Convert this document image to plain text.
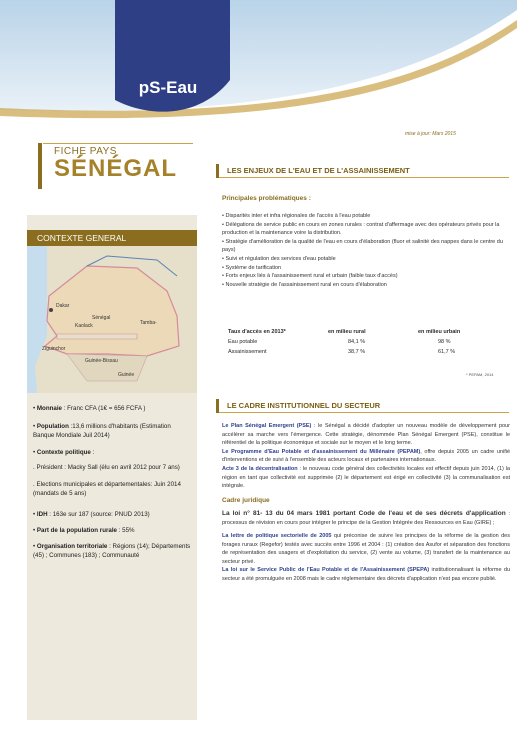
pS-Eau
mise à jour: Mars 2015
FICHE PAYS
SÉNÉGAL
CONTEXTE GENERAL
Sénégal
Dakar
Kaolack	Tamba-
Ziguinchor
Guinée-Bissau
Guinée
• Monnaie : Franc CFA (1€ = 656 FCFA )
• Population :13,6 millions d'habitants (Estimation Banque Mondiale Juil 2014)
• Contexte politique :
. Président : Macky Sall (élu en avril 2012 pour 7 ans)
. Elections municipales et départementales: Juin 2014 (mandats de 5 ans)
• IDH : 163e sur 187 (source: PNUD 2013)
• Part de la population rurale : 55%
• Organisation territoriale : Régions (14); Départements (45) ; Communes (183) ; Communauté
LES ENJEUX DE L'EAU ET DE L'ASSAINISSEMENT
Principales problématiques :
• Disparités inter et infra régionales de l'accès à l'eau potable
• Délégations de service public en cours en zones rurales : contrat d'affermage avec des opérateurs privés pour la production et la maintenance voire la distribution.
• Stratégie d'amélioration de la qualité de l'eau en cours d'élaboration (fluor et salinité des nappes dans le centre du pays)
• Suivi et régulation des services d'eau potable
• Système de tarification
• Forts enjeux liés à l'assainissement rural et urbain (faible taux d'accès)
• Nouvelle stratégie de l'assainissement rural en cours d'élaboration
Taux d'accès en 2013*	en milieu rural	en milieu urbain
Eau potable	84,1 %	98 %
Assainissement	38,7 %	61,7 %
* PEPAM, 2014
LE CADRE INSTITUTIONNEL DU SECTEUR
Le Plan Sénégal Emergent (PSE) : le Sénégal a décidé d'adopter un nouveau modèle de développement pour accélérer sa marche vers l'émergence. Cette stratégie, dénommée Plan Sénégal Emergent (PSE), constitue le référentiel de la politique économique et sociale sur le moyen et le long terme.
Le Programme d'Eau Potable et d'assainissement du Millénaire (PEPAM), offre depuis 2005 un cadre unifié d'interventions et de suivi à l'ensemble des acteurs locaux et partenaires internationaux.
Acte 3 de la décentralisation : le nouveau code général des collectivités locales est effectif depuis juin 2014, (1) la région en tant que collectivité est supprimée (2) le département est érigé en collectivité (3) la communalisation est intégrale.
Cadre juridique
La loi n° 81- 13 du 04 mars 1981 portant Code de l'eau et de ses décrets d'application : processus de révision en cours pour intégrer le principe de la Gestion Intégrée des Ressources en Eau (GIRE) ;
La lettre de politique sectorielle de 2005 qui préconise de suivre les principes de la réforme de la gestion des forages ruraux (Regefor) testés avec succès entre 1996 et 2004 : (1) création des Asufor et séparation des fonctions de représentation des usagers et d'exploitation du service, (2) vente au volume, (3) transfert de la maintenance au secteur privé.
La loi sur le Service Public de l'Eau Potable et de l'Assainissement (SPEPA) institutionnalisant la réforme du secteur a été promulguée en 2008 mais le cadre réglementaire des décrets d'application n'est pas encore publié.
